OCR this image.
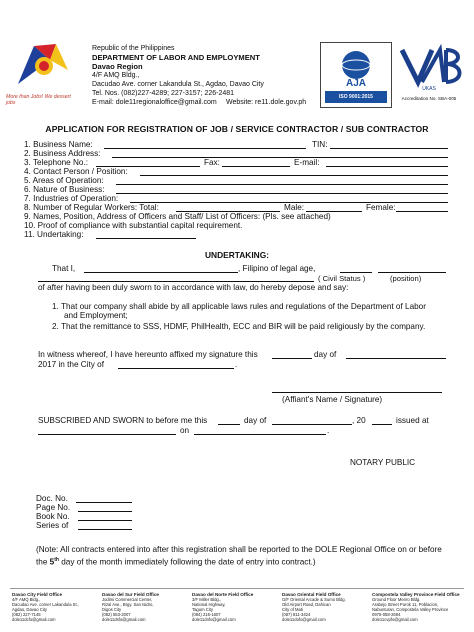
More than Jobs! We dessert jobs
Republic of the Philippines
DEPARTMENT OF LABOR AND EMPLOYMENT
Davao Region
4/F AMQ Bldg.,
Dacudao Ave. corner Lakandula St., Agdao, Davao City
Tel. Nos. (082)227-4289; 227-3157; 226-2481
E-mail: dole11regionaloffice@gmail.com Website: re11.dole.gov.ph
AJA
ISO 9001:2015
UKAS
Accreditation No. SBA-005
APPLICATION FOR REGISTRATION OF JOB / SERVICE CONTRACTOR / SUB CONTRACTOR
1. Business Name:	TIN:
2. Business Address:
3. Telephone No.:	Fax:	E-mail:
4. Contact Person / Position:
5. Areas of Operation:
6. Nature of Business:
7. Industries of Operation:
8. Number of Regular Workers: Total:	Male:	Female:
9. Names, Position, Address of Officers and Staff/ List of Officers: (Pls. see attached)
10. Proof of compliance with substantial capital requirement.
11. Undertaking:
UNDERTAKING:
That I,	, Filipino of legal age,
( Civil Status )	(position)
of after having been duly sworn to in accordance with law, do hereby depose and say:
1. That our company shall abide by all applicable laws rules and regulations of the Department of Labor
and Employment;
2. That the remittance to SSS, HDMF, PhilHealth, ECC and BIR will be paid religiously by the company.
In witness whereof, I have hereunto affixed my signature this	day of
2017 in the City of	.
(Affiant's Name / Signature)
SUBSCRIBED AND SWORN to before me this	day of	, 20	issued at
on	.
NOTARY PUBLIC
Doc. No.
Page No.
Book No.
Series of
(Note: All contracts entered into after this registration shall be reported to the DOLE Regional Office on or before
the 5th day of the month immediately following the date of entry into contract.)
Davao City Field Office
4/F AMQ Bldg.,
Dacudao Ave. corner Lakandula St.,
Agdao, Davao City
(082) 227-7145
dole11dcfo@gmail.com
Davao del Sur Field Office
Jodimi Commercial Center,
Rizal Ave., Brgy. San Isidro,
Digos City
(082) 553-2007
dole11dsfo@gmail.com
Davao del Norte Field Office
3/F Miller Bldg.,
National Highway,
Tagum City
(084) 216-1607
dole11dnfo@gmail.com
Davao Oriental Field Office
G/F Oriental Arcade & Sumo Bldg.
Old Airport Road, Dahican
City of Mati
(087) 811-3424
dole11dofo@gmail.com
Compostela Valley Province Field Office
Ground Floor Menro Bldg.
Arabejo Street Purok 11, Poblacion,
Nabunturan, Compostela Valley Province
0975-058-2694
dole11cvpfo@gmail.com
